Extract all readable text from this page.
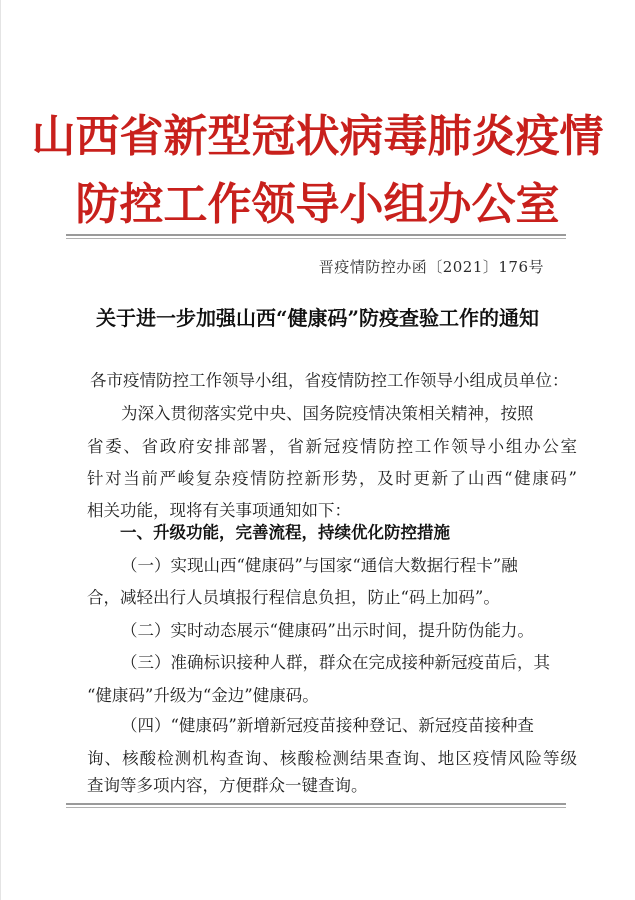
山西省新型冠状病毒肺炎疫情
防控工作领导小组办公室
晋疫情防控办函〔2021〕176号
关于进一步加强山西“健康码”防疫查验工作的通知
各市疫情防控工作领导小组，省疫情防控工作领导小组成员单位：
为深入贯彻落实党中央、国务院疫情决策相关精神，按照
省委、省政府安排部署，省新冠疫情防控工作领导小组办公室
针对当前严峻复杂疫情防控新形势，及时更新了山西“健康码”
相关功能，现将有关事项通知如下：
一、升级功能，完善流程，持续优化防控措施
（一）实现山西“健康码”与国家“通信大数据行程卡”融
合，减轻出行人员填报行程信息负担，防止“码上加码”。
（二）实时动态展示“健康码”出示时间，提升防伪能力。
（三）准确标识接种人群，群众在完成接种新冠疫苗后，其
“健康码”升级为“金边”健康码。
（四）“健康码”新增新冠疫苗接种登记、新冠疫苗接种查
询、核酸检测机构查询、核酸检测结果查询、地区疫情风险等级
查询等多项内容，方便群众一键查询。
